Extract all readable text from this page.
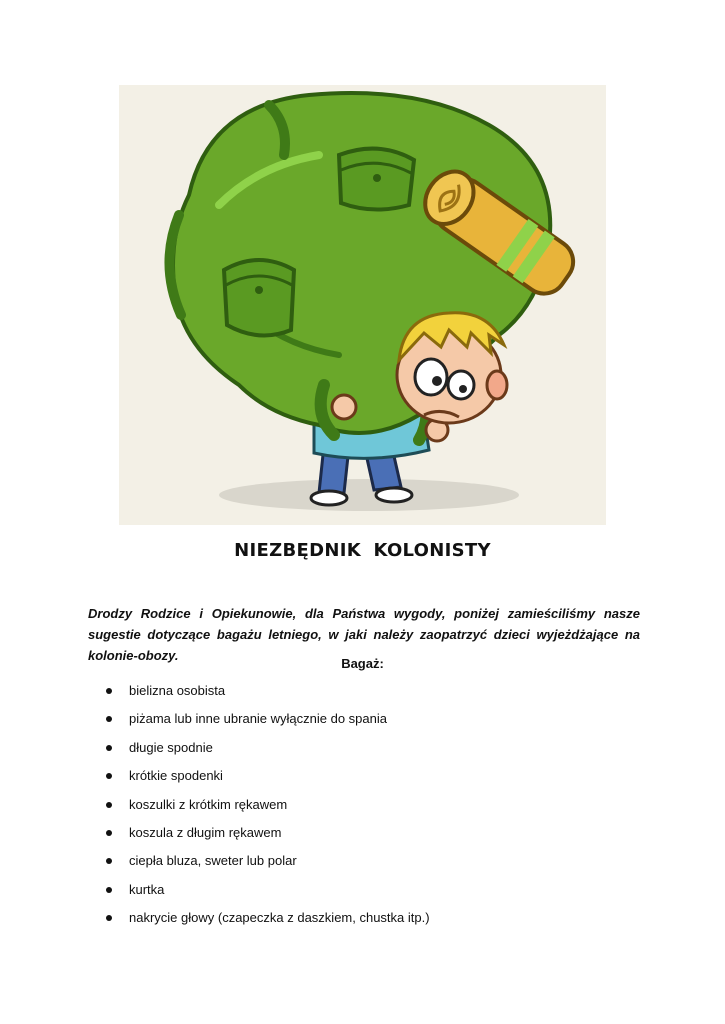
NIEZBĘDNIK KOLONISTY
Drodzy Rodzice i Opiekunowie, dla Państwa wygody, poniżej zamieściliśmy nasze sugestie dotyczące bagażu letniego, w jaki należy zaopatrzyć dzieci wyjeżdżające na kolonie-obozy.
Bagaż:
bielizna osobista
piżama lub inne ubranie wyłącznie do spania
długie spodnie
krótkie spodenki
koszulki z krótkim rękawem
koszula z długim rękawem
ciepła bluza, sweter lub polar
kurtka
nakrycie głowy (czapeczka z daszkiem, chustka itp.)
